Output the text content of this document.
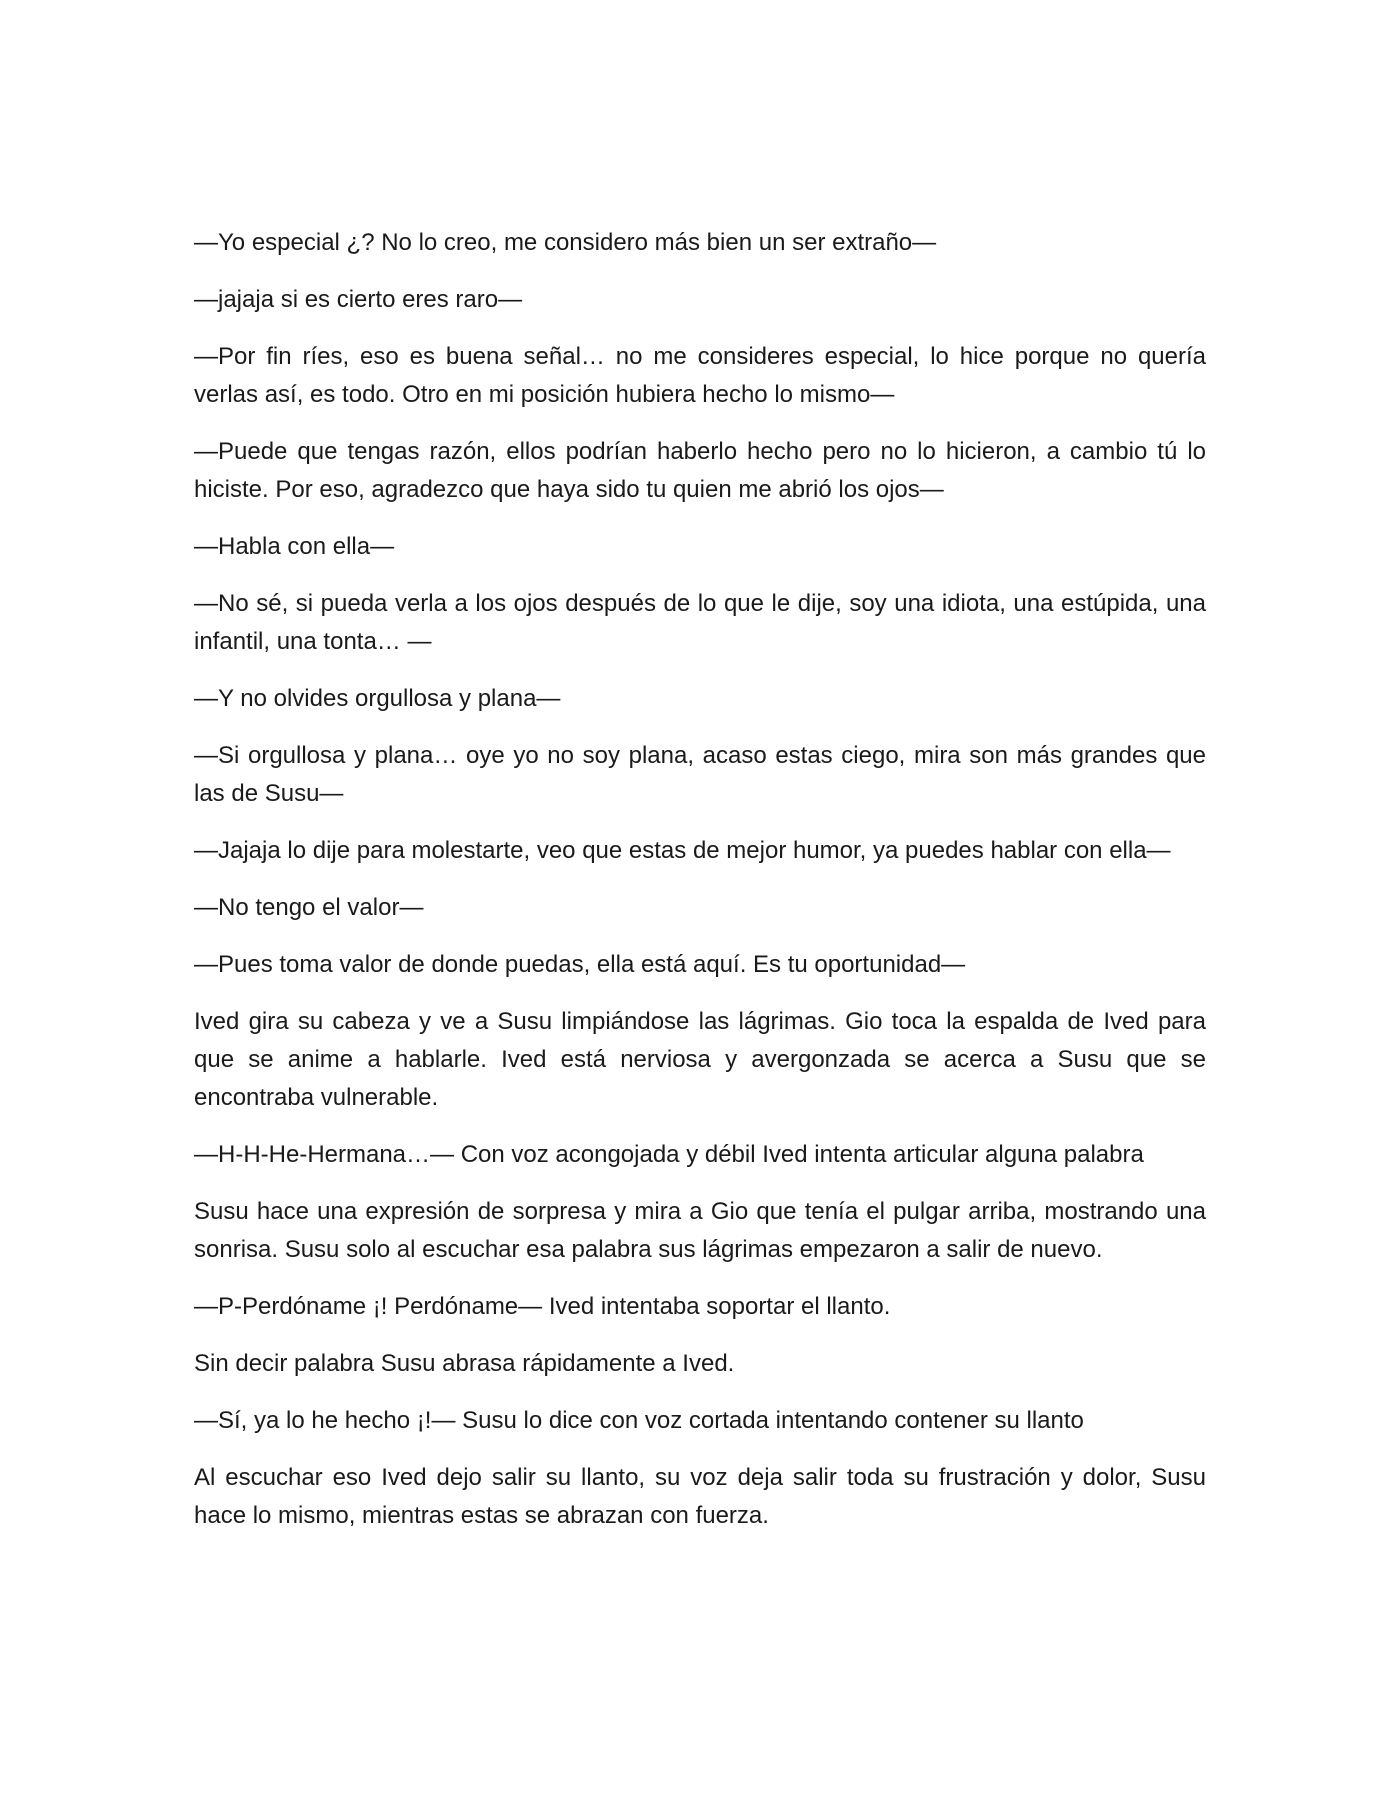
—Yo especial ¿? No lo creo, me considero más bien un ser extraño—

—jajaja si es cierto eres raro—

—Por fin ríes, eso es buena señal… no me consideres especial, lo hice porque no quería verlas así, es todo. Otro en mi posición hubiera hecho lo mismo—

—Puede que tengas razón, ellos podrían haberlo hecho pero no lo hicieron, a cambio tú lo hiciste. Por eso, agradezco que haya sido tu quien me abrió los ojos—

—Habla con ella—

—No sé, si pueda verla a los ojos después de lo que le dije, soy una idiota, una estúpida, una infantil, una tonta… —

—Y no olvides orgullosa y plana—

—Si orgullosa y plana… oye yo no soy plana, acaso estas ciego, mira son más grandes que las de Susu—

—Jajaja lo dije para molestarte, veo que estas de mejor humor, ya puedes hablar con ella—

—No tengo el valor—

—Pues toma valor de donde puedas, ella está aquí. Es tu oportunidad—

Ived gira su cabeza y ve a Susu limpiándose las lágrimas. Gio toca la espalda de Ived para que se anime a hablarle. Ived está nerviosa y avergonzada se acerca a Susu que se encontraba vulnerable.

—H-H-He-Hermana…— Con voz acongojada y débil Ived intenta articular alguna palabra

Susu hace una expresión de sorpresa y mira a Gio que tenía el pulgar arriba, mostrando una sonrisa. Susu solo al escuchar esa palabra sus lágrimas empezaron a salir de nuevo.

—P-Perdóname ¡! Perdóname— Ived intentaba soportar el llanto.

Sin decir palabra Susu abrasa rápidamente a Ived.

—Sí, ya lo he hecho ¡!— Susu lo dice con voz cortada intentando contener su llanto

Al escuchar eso Ived dejo salir su llanto, su voz deja salir toda su frustración y dolor, Susu hace lo mismo, mientras estas se abrazan con fuerza.
